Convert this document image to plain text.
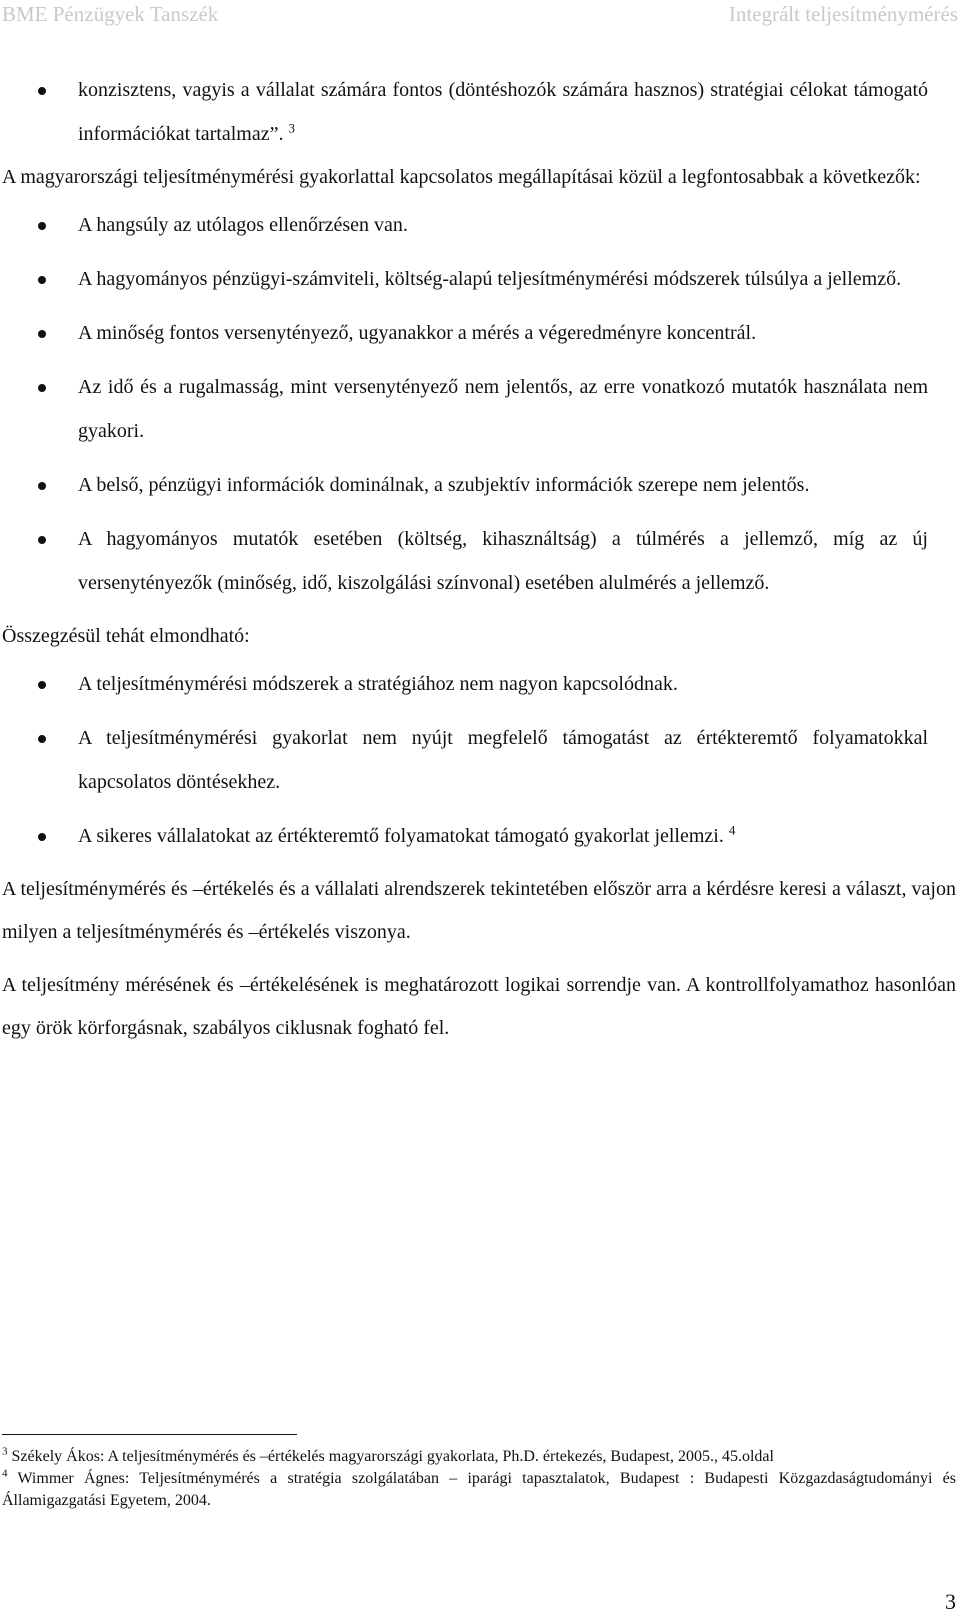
BME Pénzügyek Tanszék	Integrált teljesítménymérés
konzisztens, vagyis a vállalat számára fontos (döntéshozók számára hasznos) stratégiai célokat támogató információkat tartalmaz”. $^3$

A magyarországi teljesítménymérési gyakorlattal kapcsolatos megállapításai közül a legfontosabbak a következők:

A hangsúly az utólagos ellenőrzésen van.
A hagyományos pénzügyi-számviteli, költség-alapú teljesítménymérési módszerek túlsúlya a jellemző.
A minőség fontos versenytényező, ugyanakkor a mérés a végeredményre koncentrál.
Az idő és a rugalmasság, mint versenytényező nem jelentős, az erre vonatkozó mutatók használata nem gyakori.
A belső, pénzügyi információk dominálnak, a szubjektív információk szerepe nem jelentős.
A hagyományos mutatók esetében (költség, kihasználtság) a túlmérés a jellemző, míg az új versenytényezők (minőség, idő, kiszolgálási színvonal) esetében alulmérés a jellemző.

Összegzésül tehát elmondható:

A teljesítménymérési módszerek a stratégiához nem nagyon kapcsolódnak.
A teljesítménymérési gyakorlat nem nyújt megfelelő támogatást az értékteremtő folyamatokkal kapcsolatos döntésekhez.
A sikeres vállalatokat az értékteremtő folyamatokat támogató gyakorlat jellemzi. $^4$

A teljesítménymérés és –értékelés és a vállalati alrendszerek tekintetében először arra a kérdésre keresi a választ, vajon milyen a teljesítménymérés és –értékelés viszonya.

A teljesítmény mérésének és –értékelésének is meghatározott logikai sorrendje van. A kontrollfolyamathoz hasonlóan egy örök körforgásnak, szabályos ciklusnak fogható fel.

$^3$ Székely Ákos: A teljesítménymérés és –értékelés magyarországi gyakorlata, Ph.D. értekezés, Budapest, 2005., 45.oldal

$^4$ Wimmer Ágnes: Teljesítménymérés a stratégia szolgálatában – iparági tapasztalatok, Budapest : Budapesti Közgazdaságtudományi és Államigazgatási Egyetem, 2004.

3
